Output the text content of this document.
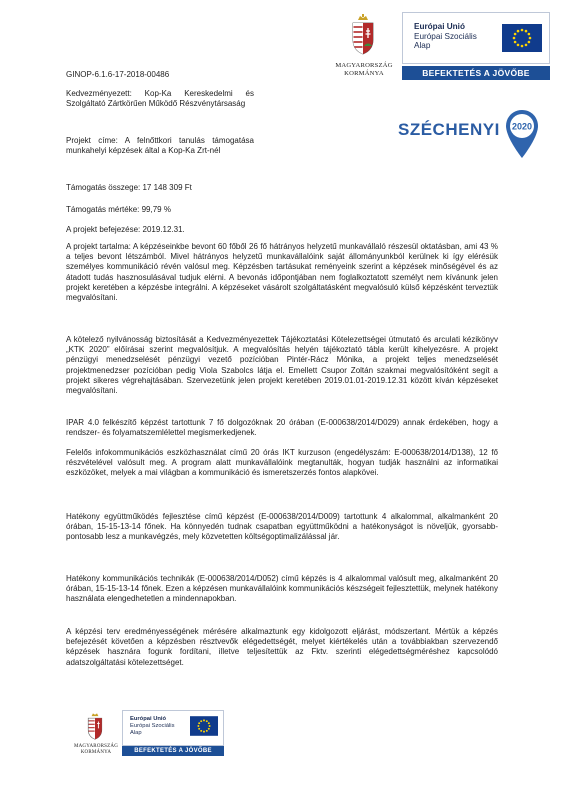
MAGYARORSZÁG
KORMÁNYA
Európai Unió
Európai Szociális
Alap
BEFEKTETÉS A JÖVŐBE
SZÉCHENYI 2020
GINOP-6.1.6-17-2018-00486
Kedvezményezett: Kop-Ka Kereskedelmi és Szolgáltató Zártkörűen Működő Részvénytársaság
Projekt címe: A felnőttkori tanulás támogatása munkahelyi képzések által a Kop-Ka Zrt-nél
Támogatás összege: 17 148 309 Ft
Támogatás mértéke: 99,79 %
A projekt befejezése: 2019.12.31.
A projekt tartalma: A képzéseinkbe bevont 60 főből 26 fő hátrányos helyzetű munkavállaló részesül oktatásban, ami 43 % a teljes bevont létszámból. Mivel hátrányos helyzetű munkavállalóink saját állományunkból kerülnek ki így elérésük személyes kommunikáció révén valósul meg. Képzésben tartásukat reményeink szerint a képzések minőségével és az átadott tudás hasznosulásával tudjuk elérni. A bevonás időpontjában nem foglalkoztatott személyt nem kívánunk jelen projekt keretében a képzésbe integrálni. A képzéseket vásárolt szolgáltatásként megvalósuló külső képzésként terveztük megvalósítani.
A kötelező nyilvánosság biztosítását a Kedvezményezettek Tájékoztatási Kötelezettségei útmutató és arculati kézikönyv „KTK 2020” előírásai szerint megvalósítjuk. A megvalósítás helyén tájékoztató tábla került kihelyezésre. A projekt pénzügyi menedzselését pénzügyi vezető pozícióban Pintér-Rácz Mónika, a projekt teljes menedzselését projektmenedzser pozícióban pedig Viola Szabolcs látja el. Emellett Csupor Zoltán szakmai megvalósítóként segít a projekt sikeres végrehajtásában. Szervezetünk jelen projekt keretében 2019.01.01-2019.12.31 között kíván képzéseket megvalósítani.
IPAR 4.0 felkészítő képzést tartottunk 7 fő dolgozóknak 20 órában (E-000638/2014/D029) annak érdekében, hogy a rendszer- és folyamatszemlélettel megismerkedjenek.
Felelős infokommunikációs eszközhasználat című 20 órás IKT kurzuson (engedélyszám: E-000638/2014/D138), 12 fő részvételével valósult meg. A program alatt munkavállalóink megtanulták, hogyan tudják használni az informatikai eszközöket, melyek a mai világban a kommunikáció és ismeretszerzés fontos alapkövei.
Hatékony együttműködés fejlesztése című képzést (E-000638/2014/D009) tartottunk 4 alkalommal, alkalmanként 20 órában, 15-15-13-14 főnek. Ha könnyedén tudnak csapatban együttműködni a hatékonyságot is növeljük, gyorsabb-pontosabb lesz a munkavégzés, mely közvetetten költségoptimalizálással jár.
Hatékony kommunikációs technikák (E-000638/2014/D052) című képzés is 4 alkalommal valósult meg, alkalmanként 20 órában, 15-15-13-14 főnek. Ezen a képzésen munkavállalóink kommunikációs készségeit fejlesztettük, melynek hatékony használata elengedhetetlen a mindennapokban.
A képzési terv eredményességének mérésére alkalmaztunk egy kidolgozott eljárást, módszertant. Mértük a képzés befejezését követően a képzésben résztvevők elégedettségét, melyet kiértékelés után a továbbiakban szervezendő képzések hasznára fogunk fordítani, illetve teljesítettük az Fktv. szerinti elégedettségméréshez kapcsolódó adatszolgáltatási kötelezettséget.
MAGYARORSZÁG
KORMÁNYA
Európai Unió
Európai Szociális
Alap
BEFEKTETÉS A JÖVŐBE
